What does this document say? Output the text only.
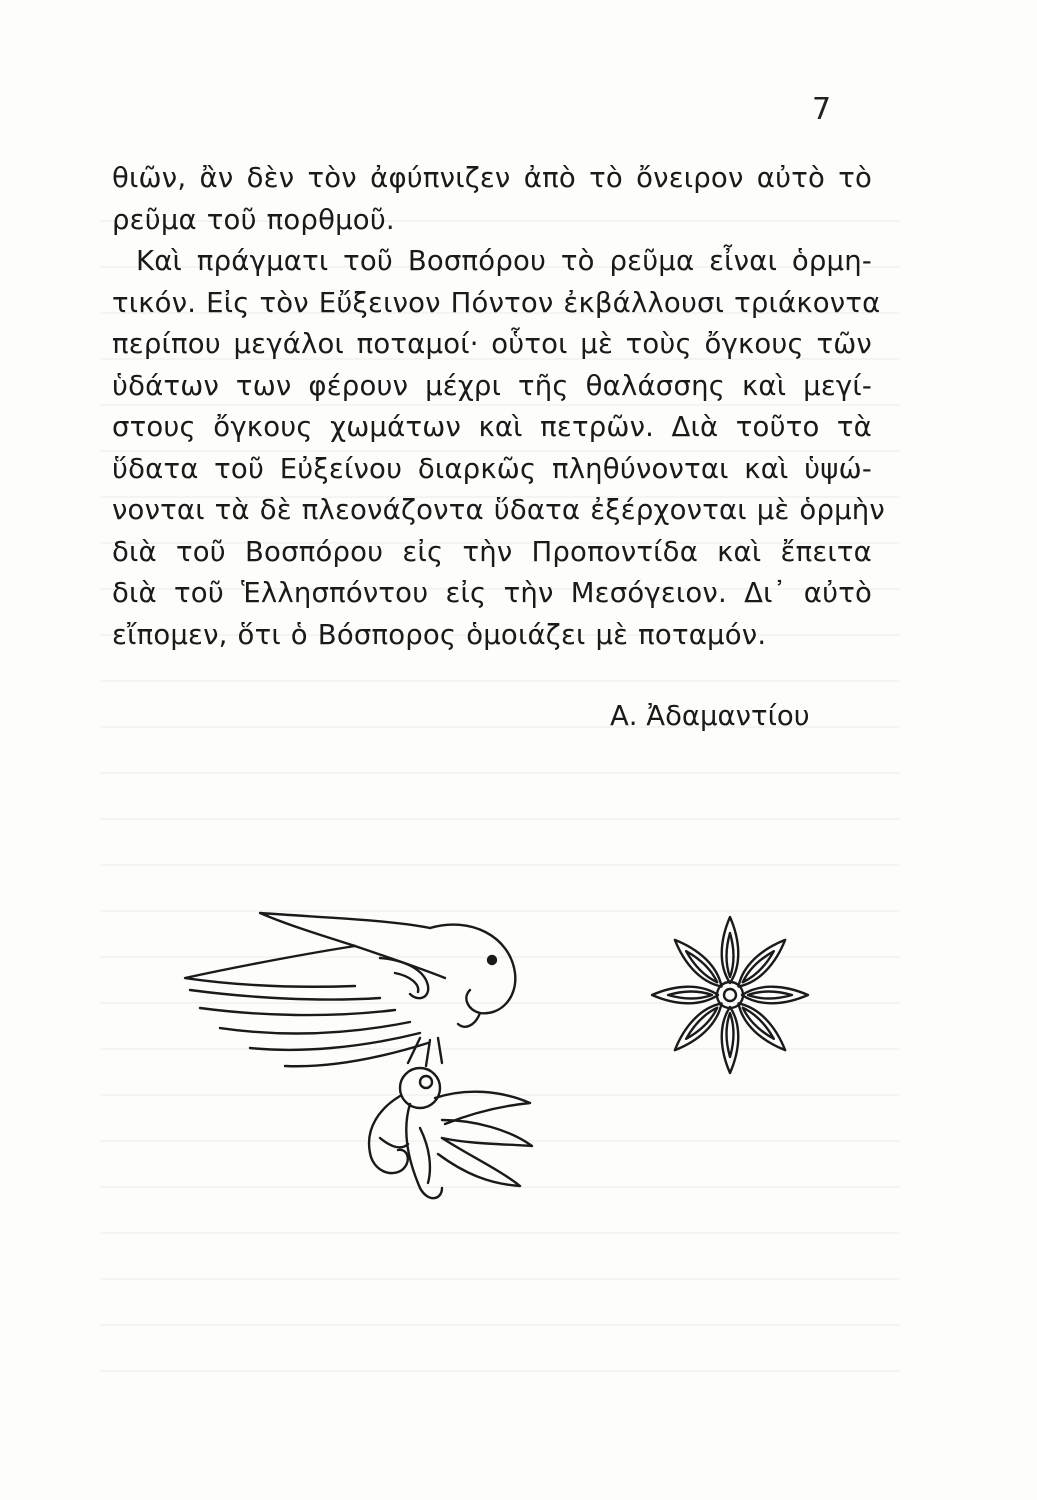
7
θιῶν, ἂν δὲν τὸν ἀφύπνιζεν ἀπὸ τὸ ὄνειρον αὐτὸ τὸ
ρεῦμα τοῦ πορθμοῦ.
Καὶ πράγματι τοῦ Βοσπόρου τὸ ρεῦμα εἶναι ὁρμη-
τικόν. Εἰς τὸν Εὔξεινον Πόντον ἐκβάλλουσι τριάκοντα
περίπου μεγάλοι ποταμοί· οὗτοι μὲ τοὺς ὄγκους τῶν
ὑδάτων των φέρουν μέχρι τῆς θαλάσσης καὶ μεγί-
στους ὄγκους χωμάτων καὶ πετρῶν. Διὰ τοῦτο τὰ
ὕδατα τοῦ Εὐξείνου διαρκῶς πληθύνονται καὶ ὑψώ-
νονται τὰ δὲ πλεονάζοντα ὕδατα ἐξέρχονται μὲ ὁρμὴν
διὰ τοῦ Βοσπόρου εἰς τὴν Προποντίδα καὶ ἔπειτα
διὰ τοῦ Ἑλλησπόντου εἰς τὴν Μεσόγειον. Δι᾽ αὐτὸ
εἴπομεν, ὅτι ὁ Βόσπορος ὁμοιάζει μὲ ποταμόν.
Α. Ἀδαμαντίου
